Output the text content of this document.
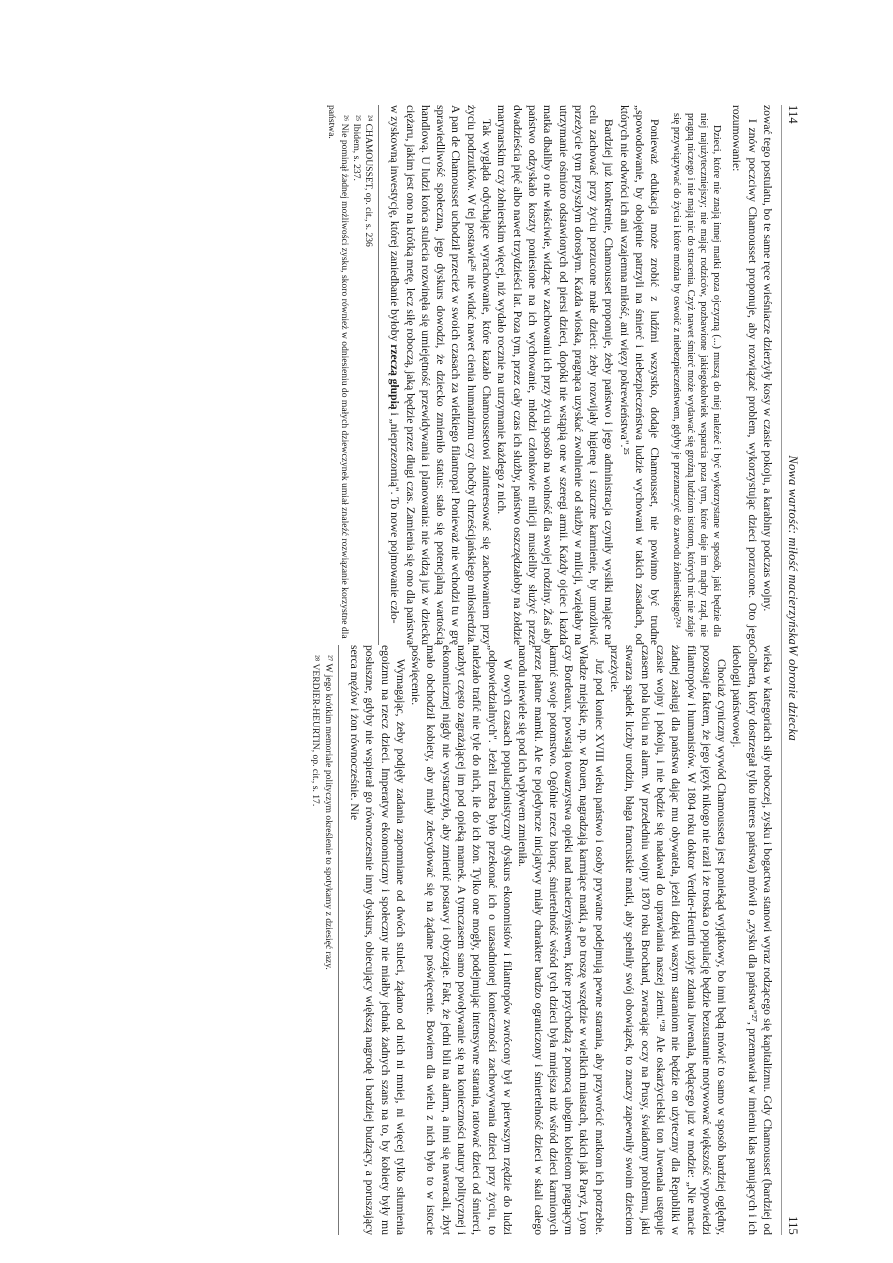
114
Nowa wartość: miłość macierzyńska

zować tego postulatu, bo te same ręce wieśniacze dzierżyły kosy w czasie pokoju, a karabiny podczas wojny.

I znów poczciwy Chamousset proponuje, aby rozwiązać problem, wykorzystując dzieci porzucone. Oto jego rozumowanie:

Dzieci, które nie znają innej matki poza ojczyzną (...) muszą do niej należeć i być wykorzystane w sposób, jaki będzie dla niej najużyteczniejszy; nie mając rodziców, pozbawione jakiegokolwiek wsparcia poza tym, które daje im mądry rząd, nie pragną niczego i nie mają nic do stracenia. Czyż nawet śmierć może wydawać się groźną ludziom istotom, których nic nie zdaje się przywiązywać do życia i które można by oswoić z niebezpieczeństwem, gdyby je przeznaczyć do zawodu żołnierskiego?²⁴

Ponieważ edukacja może zrobić z ludźmi wszystko, dodaje Chamousset, nie powinno być trudne „spowodowanie, by obojętnie patrzyli na śmierć i niebezpieczeństwa ludzie wychowani w takich zasadach, od których nie odwróci ich ani wzajemna miłość, ani więzy pokrewieństwa".²⁵

Bardziej już konkretnie, Chamousset proponuje, żeby państwo i jego administracja czyniły wysiłki mające na celu zachować przy życiu porzucone małe dzieci: żeby rozwijały higienę i sztuczne karmienie, by umożliwić przeżycie tym przyszłym dorosłym. Każda wioska, pragnąca uzyskać zwolnienie od służby w milicji, wzięłaby na utrzymanie ośmioro odstawionych od piersi dzieci, dopóki nie wstąpią one w szeregi armii. Każdy ojciec i każda matka dbaliby o nie właściwie, widząc w zachowaniu ich przy życiu sposób na wolność dla swojej rodziny. Żaś aby państwo odzyskało koszty poniesione na ich wychowanie, młodzi członkowie milicji musieliby służyć przez dwadzieścia pięć albo nawet trzydzieści lat. Poza tym, przez cały czas ich służby, państwo oszczędzałoby na żołdzie marynarskim czy żołnierskim więcej, niż wydało rocznie na utrzymanie każdego z nich.

Tak wygląda odychające wyrachowanie, które kazało Chamoussetowi zainteresować się zachowaniem przy życiu podrzutków. W tej postawie²⁶ nie widać nawet cienia humanizmu czy choćby chrześcijańskiego miłosierdzia. A pan de Chamousset uchodził przecież w swoich czasach za wielkiego filantropa! Ponieważ nie wchodzi tu w grę sprawiedliwość społeczna, jego dyskurs dowodzi, że dziecko zmieniło status: stało się potencjalną wartością handlową. U ludzi końca stulecia rozwinęła się umiejętność przewidywania i planowania: nie widzą już w dziecku ciężaru, jakim jest ono na krótką metę, lecz siłę roboczą, jaką będzie przez długi czas. Zamienia się ono dla państwa w zyskowną inwestycję, której zaniedbanie byłoby rzeczą głupią i „nieprzezornią". To nowe pojmowanie czło-

²⁴ CHAMOUSSET, op. cit., s. 236

²⁵ Ibidem, s. 237.

²⁶ Nie pominął żadnej możliwości zysku, skoro również w odniesieniu do małych dziewczynek umiał znaleźć rozwiązanie korzystne dla państwa.

W obronie dziecka
115

wieka w kategoriach siły roboczej, zysku i bogactwa stanowi wyraz rodzącego się kapitalizmu. Gdy Chamousset (bardziej od Colberta, który dostrzegał tylko interes państwa) mówił o „zysku dla państwa"²⁷, przemawiał w imieniu klas panujących i ich ideologii państwowej.

Chociaż cyniczny wywód Chamousseta jest poniekąd wyjątkowy, bo inni będą mówić to samo w sposób bardziej oględny, pozostaje faktem, że jego język nikogo nie raził i że troska o populację będzie bezustannie motywować większość wypowiedzi filantropów i humanistów. W 1804 roku doktor Verdier-Heurtin użyje zdania Juwenala, będącego już w modzie: „Nie macie żadnej zasługi dla państwa dając mu obywatela, jeżeli dzięki waszym staraniom nie będzie on użyteczny dla Republiki w czasie wojny i pokoju, i nie będzie się nadawał do uprawiania naszej ziemi."²⁸ Ale oskarżycielski ton Juwenala ustępuje czasem pola biciu na alarm. W przededniu wojny 1870 roku Brochard, zwracając oczy na Prusy, świadomy problemu, jaki stwarza spadek liczby urodzin, błaga francuskie matki, aby spełniły swój obowiązek, to znaczy zapewniły swoim dzieciom przeżycie.

Już pod koniec XVIII wieku państwo i osoby prywatne podejmują pewne starania, aby przywrócić matkom ich potrzebie. Władze miejskie, np. w Rouen, nagradzają karmiące matki, a po troszę wszędzie w wielkich miastach, takich jak Paryż, Lyon czy Bordeaux, powstają towarzystwa opieki nad macierzyństwem, które przychodzą z pomocą ubogim kobietom pragnącym karmić swoje potomstwo. Ogólnie rzecz biorąc, śmiertelność wśród tych dzieci była mniejsza niż wśród dzieci karmionych przez płatne mamki. Ale te pojedyncze inicjatywy miały charakter bardzo ograniczony i śmiertelność dzieci w skali całego narodu niewiele się pod ich wpływem zmieniła.

W owych czasach populacjonistyczny dyskurs ekonomistów i filantropów zwrócony był w pierwszym rzędzie do ludzi „odpowiedzialnych". Jeżeli trzeba było przekonać ich o uzasadnionej konieczności zachowywania dzieci przy życiu, to należało trafić nie tyle do nich, ile do ich żon. Tylko one mogły, podejmując intensywne starania, ratować dzieci od śmierci, nazbyt często zagrażającej im pod opieką mamek. A tymczasem samo powoływanie się na konieczności natury politycznej i ekonomicznej nigdy nie wystarczyło, aby zmienić postawy i obyczaje. Fakt, że jedni bili na alarm, a inni się nawracali, zbyt mało obchodził kobiety, aby miały zdecydować się na żądane poświęcenie. Bowiem dla wielu z nich było to w istocie poświęcenie.

Wymagając, żeby podjęły zadania zapomniane od dwóch stuleci, żądano od nich ni mniej, ni więcej tylko stłumienia egoizmu na rzecz dzieci. Imperatyw ekonomiczny i społeczny nie miałby jednak żadnych szans na to, by kobiety były mu posłuszne, gdyby nie wspierał go równoczesnie inny dyskurs, obiecujący większą nagrodę i bardziej budzący, a poruszający serca mężów i żon równocześnie. Nie

²⁷ W jego krótkim memoriale polityczym określenie to spotykamy z dziesięć razy.

²⁸ VERDIER-HEURTIN, op. cit., s. 17.
